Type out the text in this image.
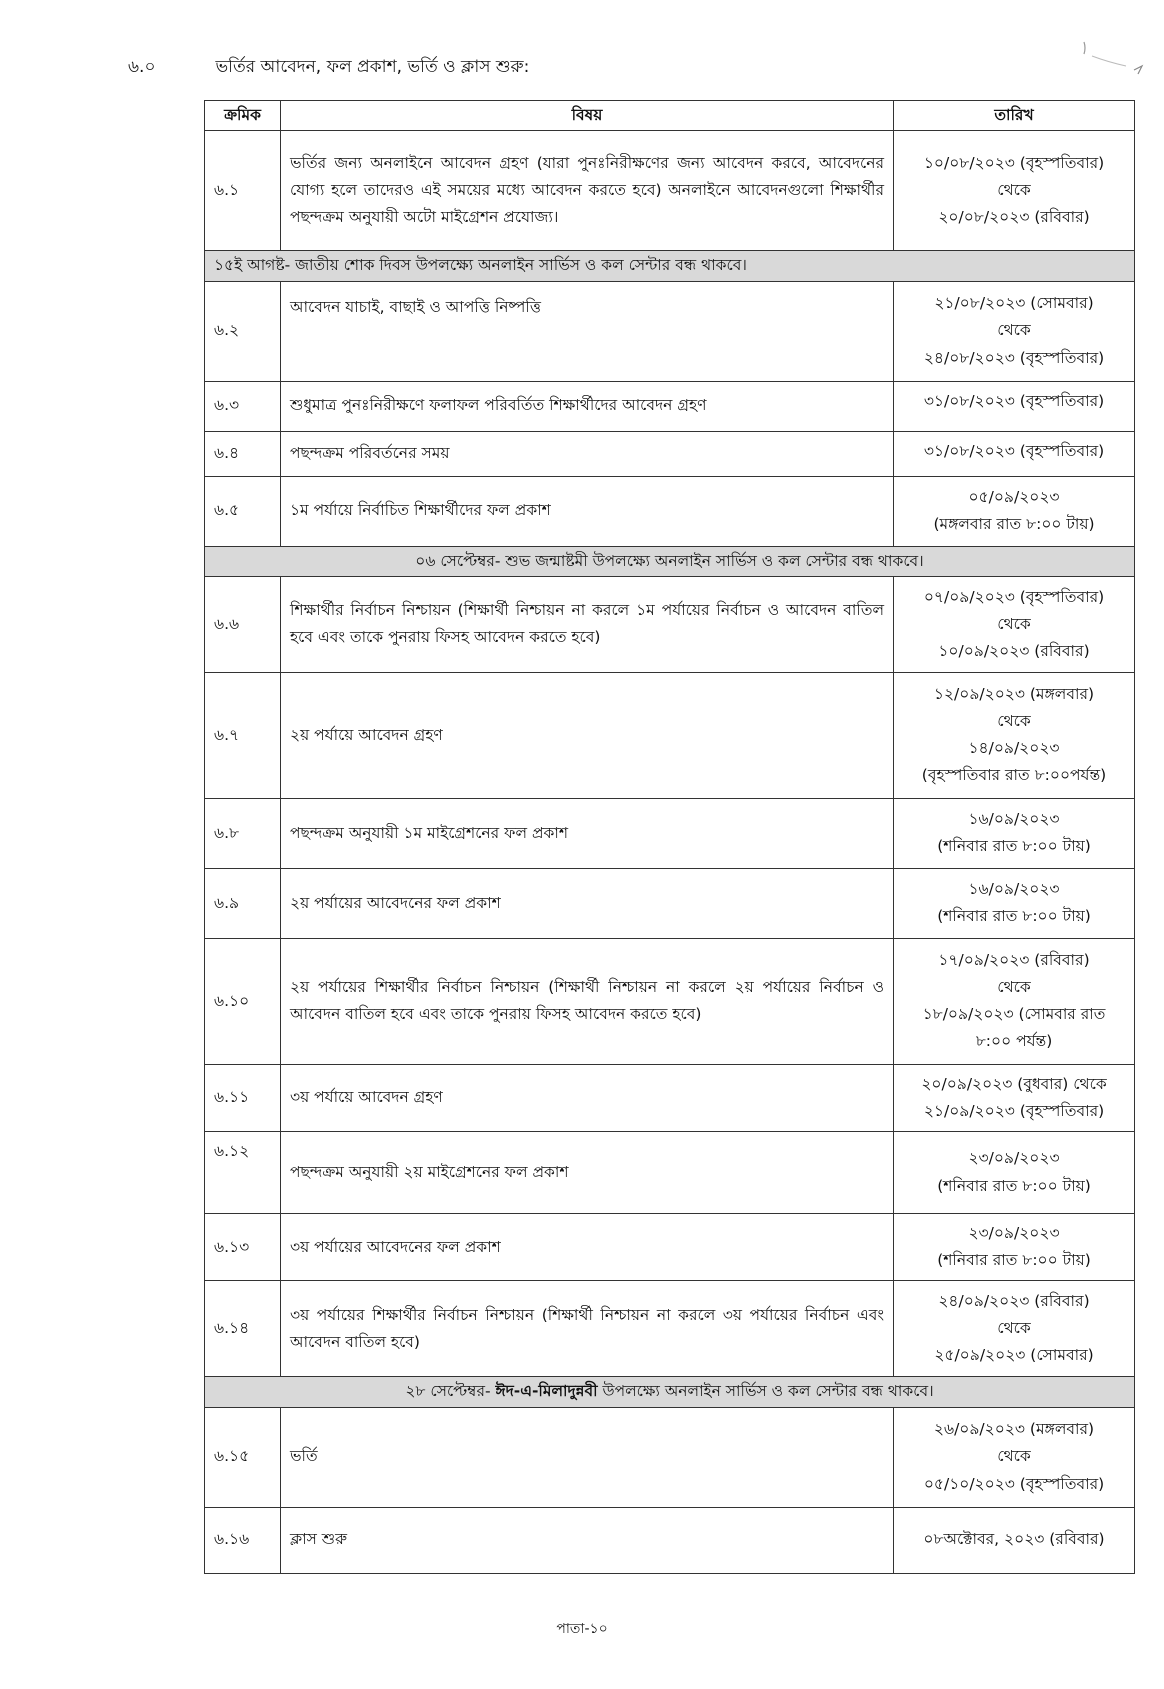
৬.০	ভর্তির আবেদন, ফল প্রকাশ, ভর্তি ও ক্লাস শুরু:
ক্রমিক	বিষয়	তারিখ
৬.১	ভর্তির জন্য অনলাইনে আবেদন গ্রহণ (যারা পুনঃনিরীক্ষণের জন্য আবেদন করবে, আবেদনের যোগ্য হলে তাদেরও এই সময়ের মধ্যে আবেদন করতে হবে) অনলাইনে আবেদনগুলো শিক্ষার্থীর পছন্দক্রম অনুযায়ী অটো মাইগ্রেশন প্রযোজ্য।	১০/০৮/২০২৩ (বৃহস্পতিবার)
থেকে
২০/০৮/২০২৩ (রবিবার)

১৫ই আগষ্ট- জাতীয় শোক দিবস উপলক্ষ্যে অনলাইন সার্ভিস ও কল সেন্টার বন্ধ থাকবে।		
৬.২	আবেদন যাচাই, বাছাই ও আপত্তি নিষ্পত্তি	২১/০৮/২০২৩ (সোমবার)
থেকে
২৪/০৮/২০২৩ (বৃহস্পতিবার)

৬.৩	শুধুমাত্র পুনঃনিরীক্ষণে ফলাফল পরিবর্তিত শিক্ষার্থীদের আবেদন গ্রহণ	৩১/০৮/২০২৩ (বৃহস্পতিবার)

৬.৪	পছন্দক্রম পরিবর্তনের সময়	৩১/০৮/২০২৩ (বৃহস্পতিবার)

৬.৫	১ম পর্যায়ে নির্বাচিত শিক্ষার্থীদের ফল প্রকাশ	০৫/০৯/২০২৩
(মঙ্গলবার রাত ৮:০০ টায়)

০৬ সেপ্টেম্বর- শুভ জন্মাষ্টমী উপলক্ষ্যে অনলাইন সার্ভিস ও কল সেন্টার বন্ধ থাকবে।		
৬.৬	শিক্ষার্থীর নির্বাচন নিশ্চায়ন (শিক্ষার্থী নিশ্চায়ন না করলে ১ম পর্যায়ের নির্বাচন ও আবেদন বাতিল হবে এবং তাকে পুনরায় ফিসহ আবেদন করতে হবে)	০৭/০৯/২০২৩ (বৃহস্পতিবার)
থেকে
১০/০৯/২০২৩ (রবিবার)

৬.৭	২য় পর্যায়ে আবেদন গ্রহণ	১২/০৯/২০২৩ (মঙ্গলবার)
থেকে
১৪/০৯/২০২৩
(বৃহস্পতিবার রাত ৮:০০পর্যন্ত)

৬.৮	পছন্দক্রম অনুযায়ী ১ম মাইগ্রেশনের ফল প্রকাশ	১৬/০৯/২০২৩
(শনিবার রাত ৮:০০ টায়)

৬.৯	২য় পর্যায়ের আবেদনের ফল প্রকাশ	১৬/০৯/২০২৩
(শনিবার রাত ৮:০০ টায়)

৬.১০	২য় পর্যায়ের শিক্ষার্থীর নির্বাচন নিশ্চায়ন (শিক্ষার্থী নিশ্চায়ন না করলে ২য় পর্যায়ের নির্বাচন ও আবেদন বাতিল হবে এবং তাকে পুনরায় ফিসহ আবেদন করতে হবে)	১৭/০৯/২০২৩ (রবিবার)
থেকে
১৮/০৯/২০২৩ (সোমবার রাত
৮:০০ পর্যন্ত)

৬.১১	৩য় পর্যায়ে আবেদন গ্রহণ	২০/০৯/২০২৩ (বুধবার) থেকে
২১/০৯/২০২৩ (বৃহস্পতিবার)

৬.১২	পছন্দক্রম অনুযায়ী ২য় মাইগ্রেশনের ফল প্রকাশ	২৩/০৯/২০২৩
(শনিবার রাত ৮:০০ টায়)

৬.১৩	৩য় পর্যায়ের আবেদনের ফল প্রকাশ	২৩/০৯/২০২৩
(শনিবার রাত ৮:০০ টায়)

৬.১৪	৩য় পর্যায়ের শিক্ষার্থীর নির্বাচন নিশ্চায়ন (শিক্ষার্থী নিশ্চায়ন না করলে ৩য় পর্যায়ের নির্বাচন এবং আবেদন বাতিল হবে)	২৪/০৯/২০২৩ (রবিবার)
থেকে
২৫/০৯/২০২৩ (সোমবার)

২৮ সেপ্টেম্বর- ঈদ-এ-মিলাদুন্নবী উপলক্ষ্যে অনলাইন সার্ভিস ও কল সেন্টার বন্ধ থাকবে।		
৬.১৫	ভর্তি	২৬/০৯/২০২৩ (মঙ্গলবার)
থেকে
০৫/১০/২০২৩ (বৃহস্পতিবার)

৬.১৬	ক্লাস শুরু	০৮অক্টোবর, ২০২৩ (রবিবার)
পাতা-১০
